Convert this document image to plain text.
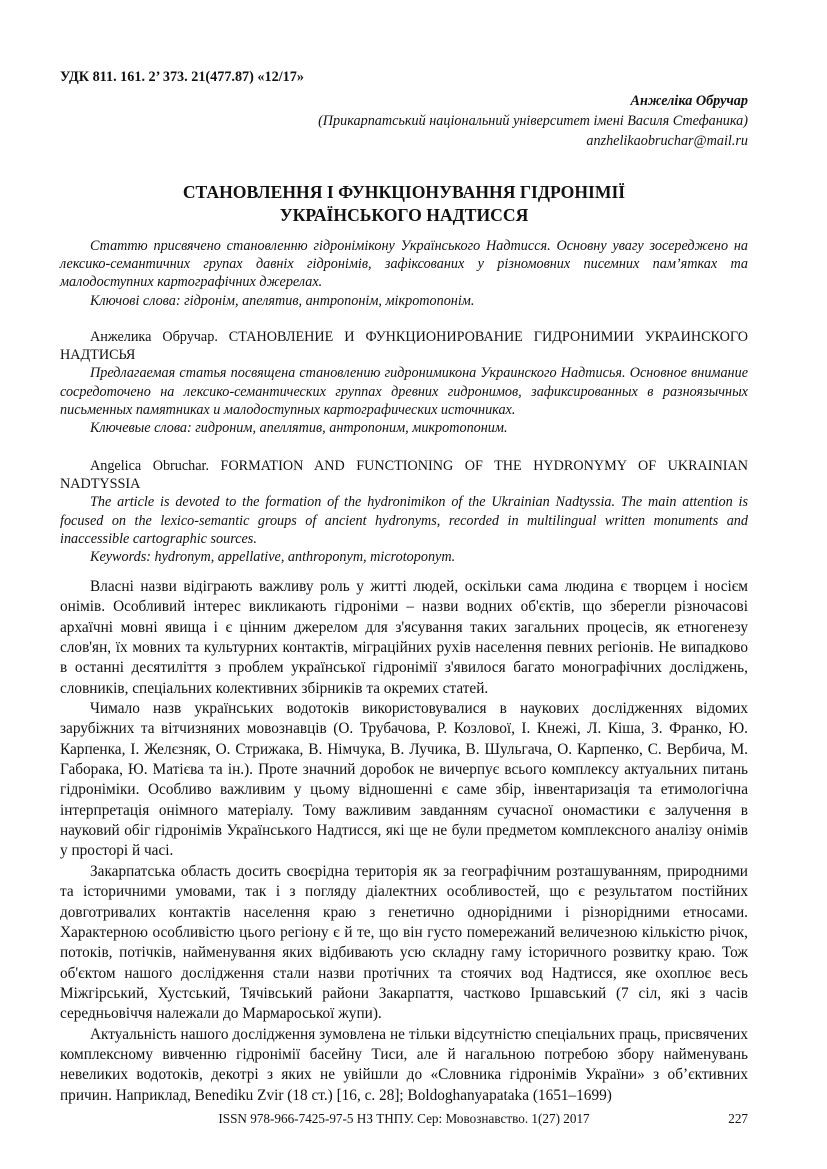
УДК 811. 161. 2’ 373. 21(477.87) «12/17»
Анжеліка Обручар
(Прикарпатський національний університет імені Василя Стефаника)
anzhelikaobruchar@mail.ru
СТАНОВЛЕННЯ І ФУНКЦІОНУВАННЯ ГІДРОНІМІЇ
УКРАЇНСЬКОГО НАДТИССЯ
Статтю присвячено становленню гідронімікону Українського Надтисся. Основну увагу зосереджено на лексико-семантичних групах давніх гідронімів, зафіксованих у різномовних писемних пам’ятках та малодоступних картографічних джерелах.
Ключові слова: гідронім, апелятив, антропонім, мікротопонім.
Анжелика Обручар. СТАНОВЛЕНИЕ И ФУНКЦИОНИРОВАНИЕ ГИДРОНИМИИ УКРАИНСКОГО НАДТИСЬЯ
Предлагаемая статья посвящена становлению гидронимикона Украинского Надтисья. Основное внимание сосредоточено на лексико-семантических группах древних гидронимов, зафиксированных в разноязычных письменных памятниках и малодоступных картографических источниках.
Ключевые слова: гидроним, апеллятив, антропоним, микротопоним.
Angelica Obruchar. FORMATION AND FUNCTIONING OF THE HYDRONYMY OF UKRAINIAN NADTYSSIA
The article is devoted to the formation of the hydronimikon of the Ukrainian Nadtyssia. The main attention is focused on the lexico-semantic groups of ancient hydronyms, recorded in multilingual written monuments and inaccessible cartographic sources.
Keywords: hydronym, appellative, anthroponym, microtoponym.

Власні назви відіграють важливу роль у житті людей, оскільки сама людина є творцем і носієм онімів. Особливий інтерес викликають гідроніми – назви водних об'єктів, що зберегли різночасові архаїчні мовні явища і є цінним джерелом для з'ясування таких загальних процесів, як етногенезу слов'ян, їх мовних та культурних контактів, міграційних рухів населення певних регіонів. Не випадково в останні десятиліття з проблем української гідронімії з'явилося багато монографічних досліджень, словників, спеціальних колективних збірників та окремих статей.

Чимало назв українських водотоків використовувалися в наукових дослідженнях відомих зарубіжних та вітчизняних мовознавців (О. Трубачова, Р. Козлової, І. Кнежі, Л. Кіша, З. Франко, Ю. Карпенка, І. Желєзняк, О. Стрижака, В. Німчука, В. Лучика, В. Шульгача, О. Карпенко, С. Вербича, М. Габорака, Ю. Матієва та ін.). Проте значний доробок не вичерпує всього комплексу актуальних питань гідроніміки. Особливо важливим у цьому відношенні є саме збір, інвентаризація та етимологічна інтерпретація онімного матеріалу. Тому важливим завданням сучасної ономастики є залучення в науковий обіг гідронімів Українського Надтисся, які ще не були предметом комплексного аналізу онімів у просторі й часі.

Закарпатська область досить своєрідна територія як за географічним розташуванням, природними та історичними умовами, так і з погляду діалектних особливостей, що є результатом постійних довготривалих контактів населення краю з генетично однорідними і різнорідними етносами. Характерною особливістю цього регіону є й те, що він густо помережаний величезною кількістю річок, потоків, потічків, найменування яких відбивають усю складну гаму історичного розвитку краю. Тож об'єктом нашого дослідження стали назви протічних та стоячих вод Надтисся, яке охоплює весь Міжгірський, Хустський, Тячівський райони Закарпаття, частково Іршавський (7 сіл, які з часів середньовіччя належали до Мармароської жупи).

Актуальність нашого дослідження зумовлена не тільки відсутністю спеціальних праць, присвячених комплексному вивченню гідронімії басейну Тиси, але й нагальною потребою збору найменувань невеликих водотоків, декотрі з яких не увійшли до «Словника гідронімів України» з об’єктивних причин. Наприклад, Benediku Zvir (18 ст.) [16, с. 28]; Boldoghanyapataka (1651–1699)

ISSN 978-966-7425-97-5 НЗ ТНПУ. Сер: Мовознавство. 1(27) 2017	227
